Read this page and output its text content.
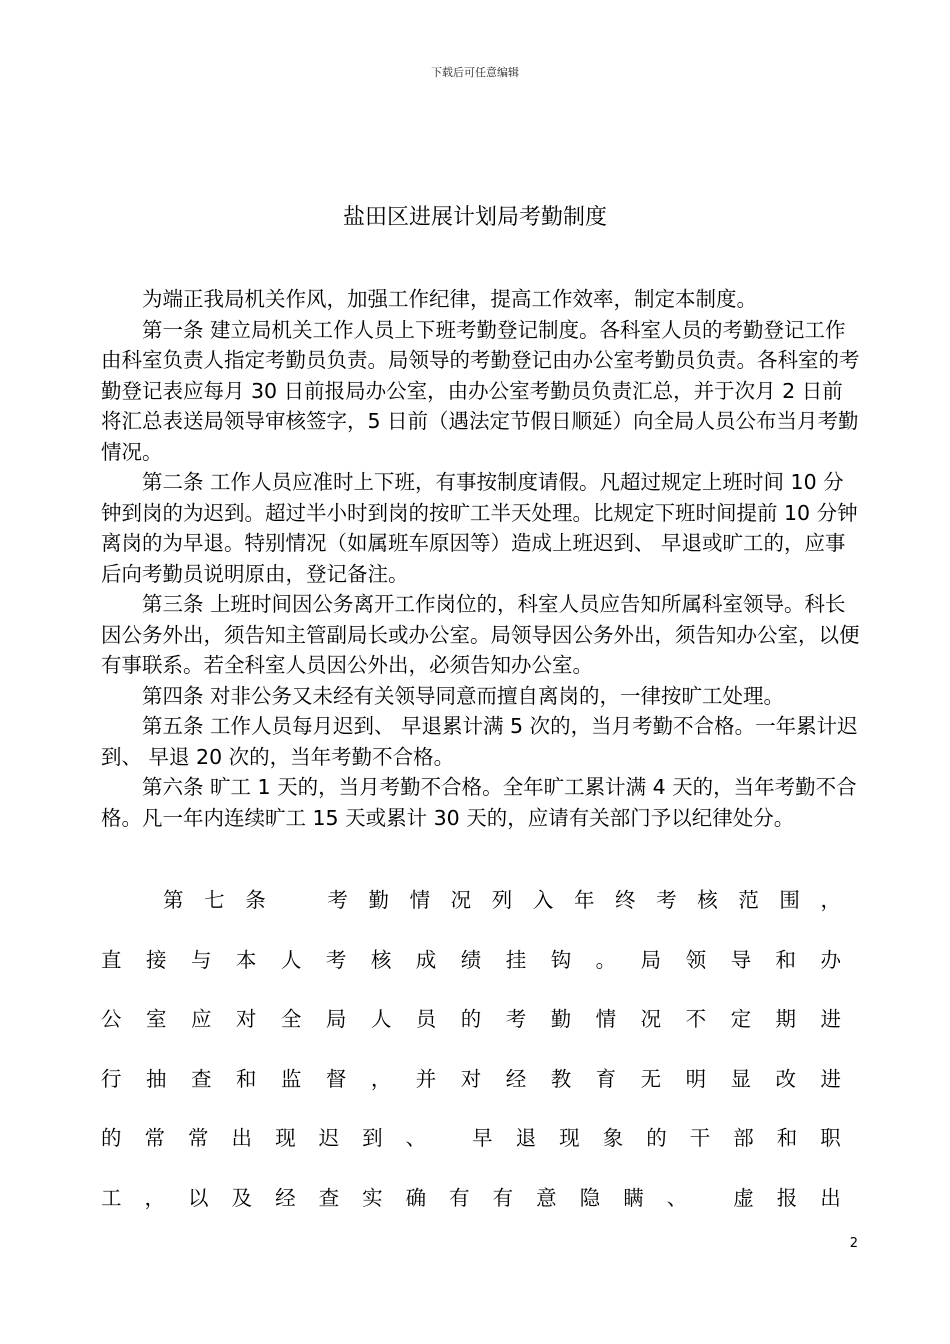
下载后可任意编辑
盐田区进展计划局考勤制度

为端正我局机关作风，加强工作纪律，提高工作效率，制定本制度。

第一条 建立局机关工作人员上下班考勤登记制度。各科室人员的考勤登记工作由科室负责人指定考勤员负责。局领导的考勤登记由办公室考勤员负责。各科室的考勤登记表应每月 30 日前报局办公室，由办公室考勤员负责汇总，并于次月 2 日前将汇总表送局领导审核签字，5 日前（遇法定节假日顺延）向全局人员公布当月考勤情况。

第二条 工作人员应准时上下班，有事按制度请假。凡超过规定上班时间 10 分钟到岗的为迟到。超过半小时到岗的按旷工半天处理。比规定下班时间提前 10 分钟离岗的为早退。特别情况（如属班车原因等）造成上班迟到、 早退或旷工的，应事后向考勤员说明原由，登记备注。

第三条 上班时间因公务离开工作岗位的，科室人员应告知所属科室领导。科长因公务外出，须告知主管副局长或办公室。局领导因公务外出，须告知办公室，以便有事联系。若全科室人员因公外出，必须告知办公室。

第四条 对非公务又未经有关领导同意而擅自离岗的，一律按旷工处理。

第五条 工作人员每月迟到、 早退累计满 5 次的，当月考勤不合格。一年累计迟到、 早退 20 次的，当年考勤不合格。

第六条 旷工 1 天的，当月考勤不合格。全年旷工累计满 4 天的，当年考勤不合格。凡一年内连续旷工 15 天或累计 30 天的，应请有关部门予以纪律处分。

第 七 条
　	考 勤 情 况 列 入 年 终 考 核 范 围 ，
直 接 与 本 人 考 核 成 绩 挂 钩 。 局 领 导 和 办
公 室 应 对 全 局 人 员 的 考 勤 情 况 不 定 期 进
行 抽 查 和 监 督 ， 并 对 经 教 育 无 明 显 改 进
的 常 常 出 现 迟 到 、 早 退 现 象 的 干 部 和 职
工 ， 以 及 经 查 实 确 有 有 意 隐 瞒 、 虚 报 出
2
